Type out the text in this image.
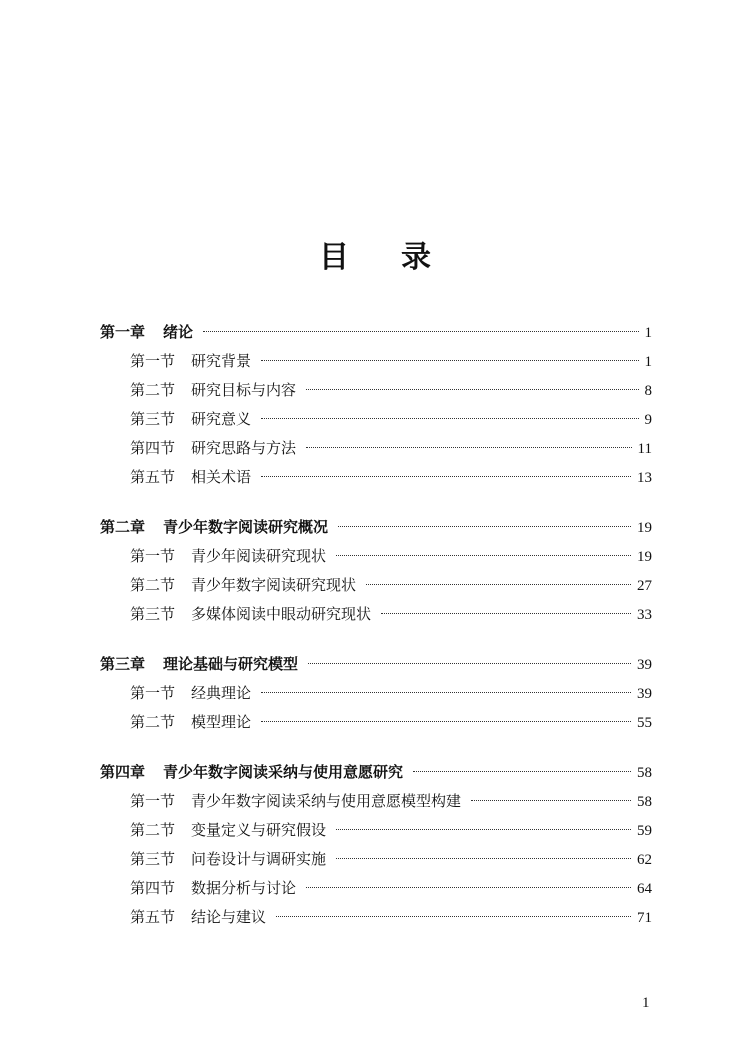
目 录
第一章 绪论	1
第一节 研究背景	1
第二节 研究目标与内容	8
第三节 研究意义	9
第四节 研究思路与方法	11
第五节 相关术语	13
第二章 青少年数字阅读研究概况	19
第一节 青少年阅读研究现状	19
第二节 青少年数字阅读研究现状	27
第三节 多媒体阅读中眼动研究现状	33
第三章 理论基础与研究模型	39
第一节 经典理论	39
第二节 模型理论	55
第四章 青少年数字阅读采纳与使用意愿研究	58
第一节 青少年数字阅读采纳与使用意愿模型构建	58
第二节 变量定义与研究假设	59
第三节 问卷设计与调研实施	62
第四节 数据分析与讨论	64
第五节 结论与建议	71
1
